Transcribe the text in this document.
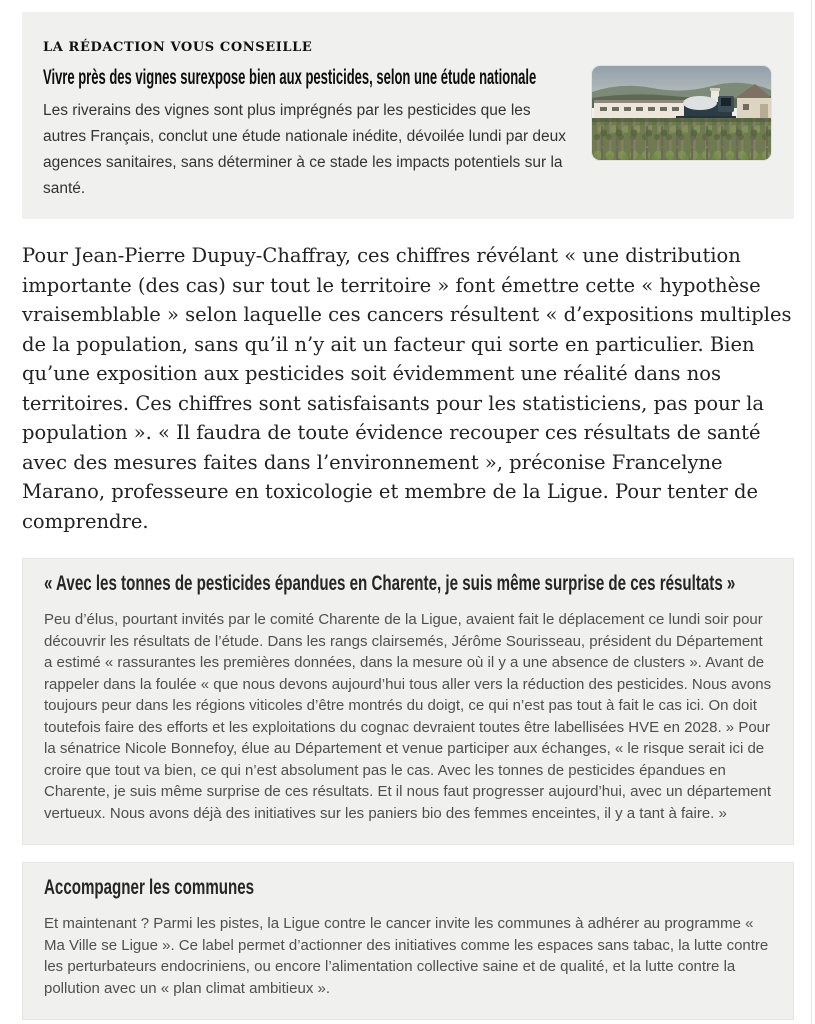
LA RÉDACTION VOUS CONSEILLE
Vivre près des vignes surexpose bien aux pesticides, selon une étude nationale

Les riverains des vignes sont plus imprégnés par les pesticides que les autres Français, conclut une étude nationale inédite, dévoilée lundi par deux agences sanitaires, sans déterminer à ce stade les impacts potentiels sur la santé.

Pour Jean-Pierre Dupuy-Chaffray, ces chiffres révélant « une distribution importante (des cas) sur tout le territoire » font émettre cette « hypothèse vraisemblable » selon laquelle ces cancers résultent « d’expositions multiples de la population, sans qu’il n’y ait un facteur qui sorte en particulier. Bien qu’une exposition aux pesticides soit évidemment une réalité dans nos territoires. Ces chiffres sont satisfaisants pour les statisticiens, pas pour la population ». « Il faudra de toute évidence recouper ces résultats de santé avec des mesures faites dans l’environnement », préconise Francelyne Marano, professeure en toxicologie et membre de la Ligue. Pour tenter de comprendre.

« Avec les tonnes de pesticides épandues en Charente, je suis même surprise de ces résultats »

Peu d’élus, pourtant invités par le comité Charente de la Ligue, avaient fait le déplacement ce lundi soir pour découvrir les résultats de l’étude. Dans les rangs clairsemés, Jérôme Sourisseau, président du Département a estimé « rassurantes les premières données, dans la mesure où il y a une absence de clusters ». Avant de rappeler dans la foulée « que nous devons aujourd’hui tous aller vers la réduction des pesticides. Nous avons toujours peur dans les régions viticoles d’être montrés du doigt, ce qui n’est pas tout à fait le cas ici. On doit toutefois faire des efforts et les exploitations du cognac devraient toutes être labellisées HVE en 2028. » Pour la sénatrice Nicole Bonnefoy, élue au Département et venue participer aux échanges, « le risque serait ici de croire que tout va bien, ce qui n’est absolument pas le cas. Avec les tonnes de pesticides épandues en Charente, je suis même surprise de ces résultats. Et il nous faut progresser aujourd’hui, avec un département vertueux. Nous avons déjà des initiatives sur les paniers bio des femmes enceintes, il y a tant à faire. »

Accompagner les communes

Et maintenant ? Parmi les pistes, la Ligue contre le cancer invite les communes à adhérer au programme « Ma Ville se Ligue ». Ce label permet d’actionner des initiatives comme les espaces sans tabac, la lutte contre les perturbateurs endocriniens, ou encore l’alimentation collective saine et de qualité, et la lutte contre la pollution avec un « plan climat ambitieux ».
